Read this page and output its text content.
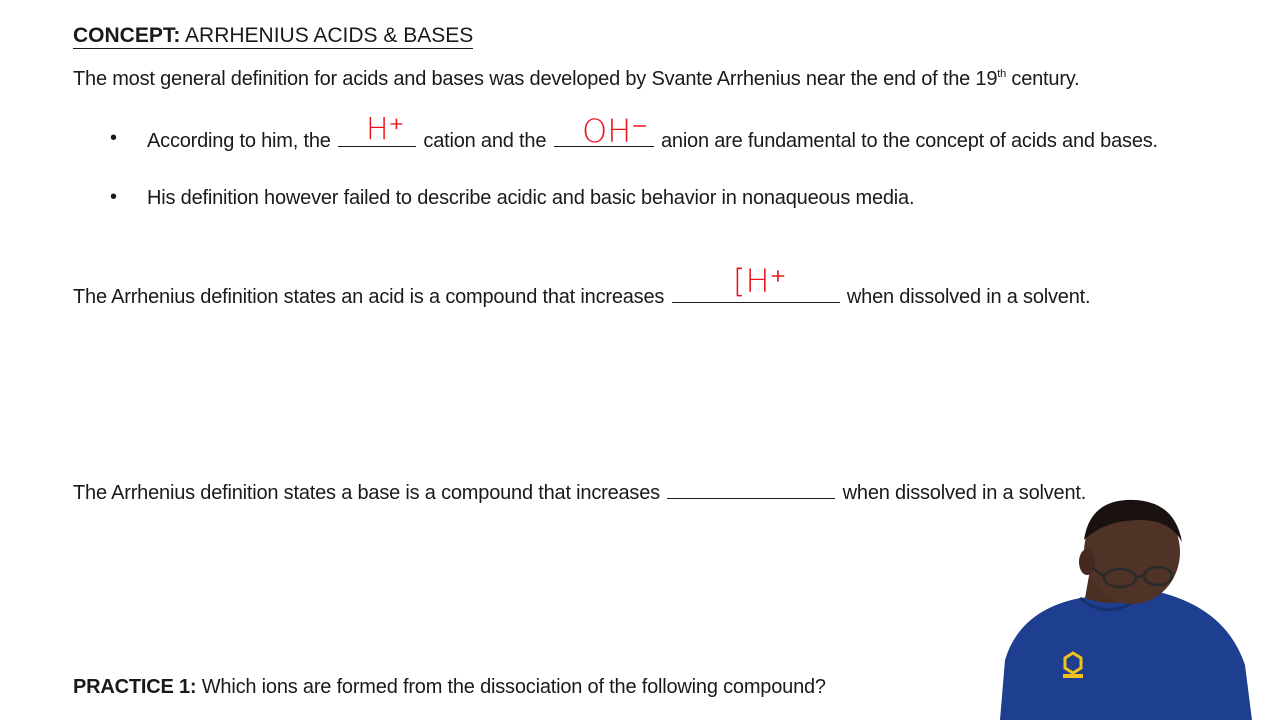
CONCEPT: ARRHENIUS ACIDS & BASES
The most general definition for acids and bases was developed by Svante Arrhenius near the end of the 19th century.
• According to him, the	cation and the	anion are fundamental to the concept of acids and bases.
H⁺	OH⁻
• His definition however failed to describe acidic and basic behavior in nonaqueous media.
The Arrhenius definition states an acid is a compound that increases	when dissolved in a solvent.
[H⁺
The Arrhenius definition states a base is a compound that increases	when dissolved in a solvent.
PRACTICE 1: Which ions are formed from the dissociation of the following compound?
